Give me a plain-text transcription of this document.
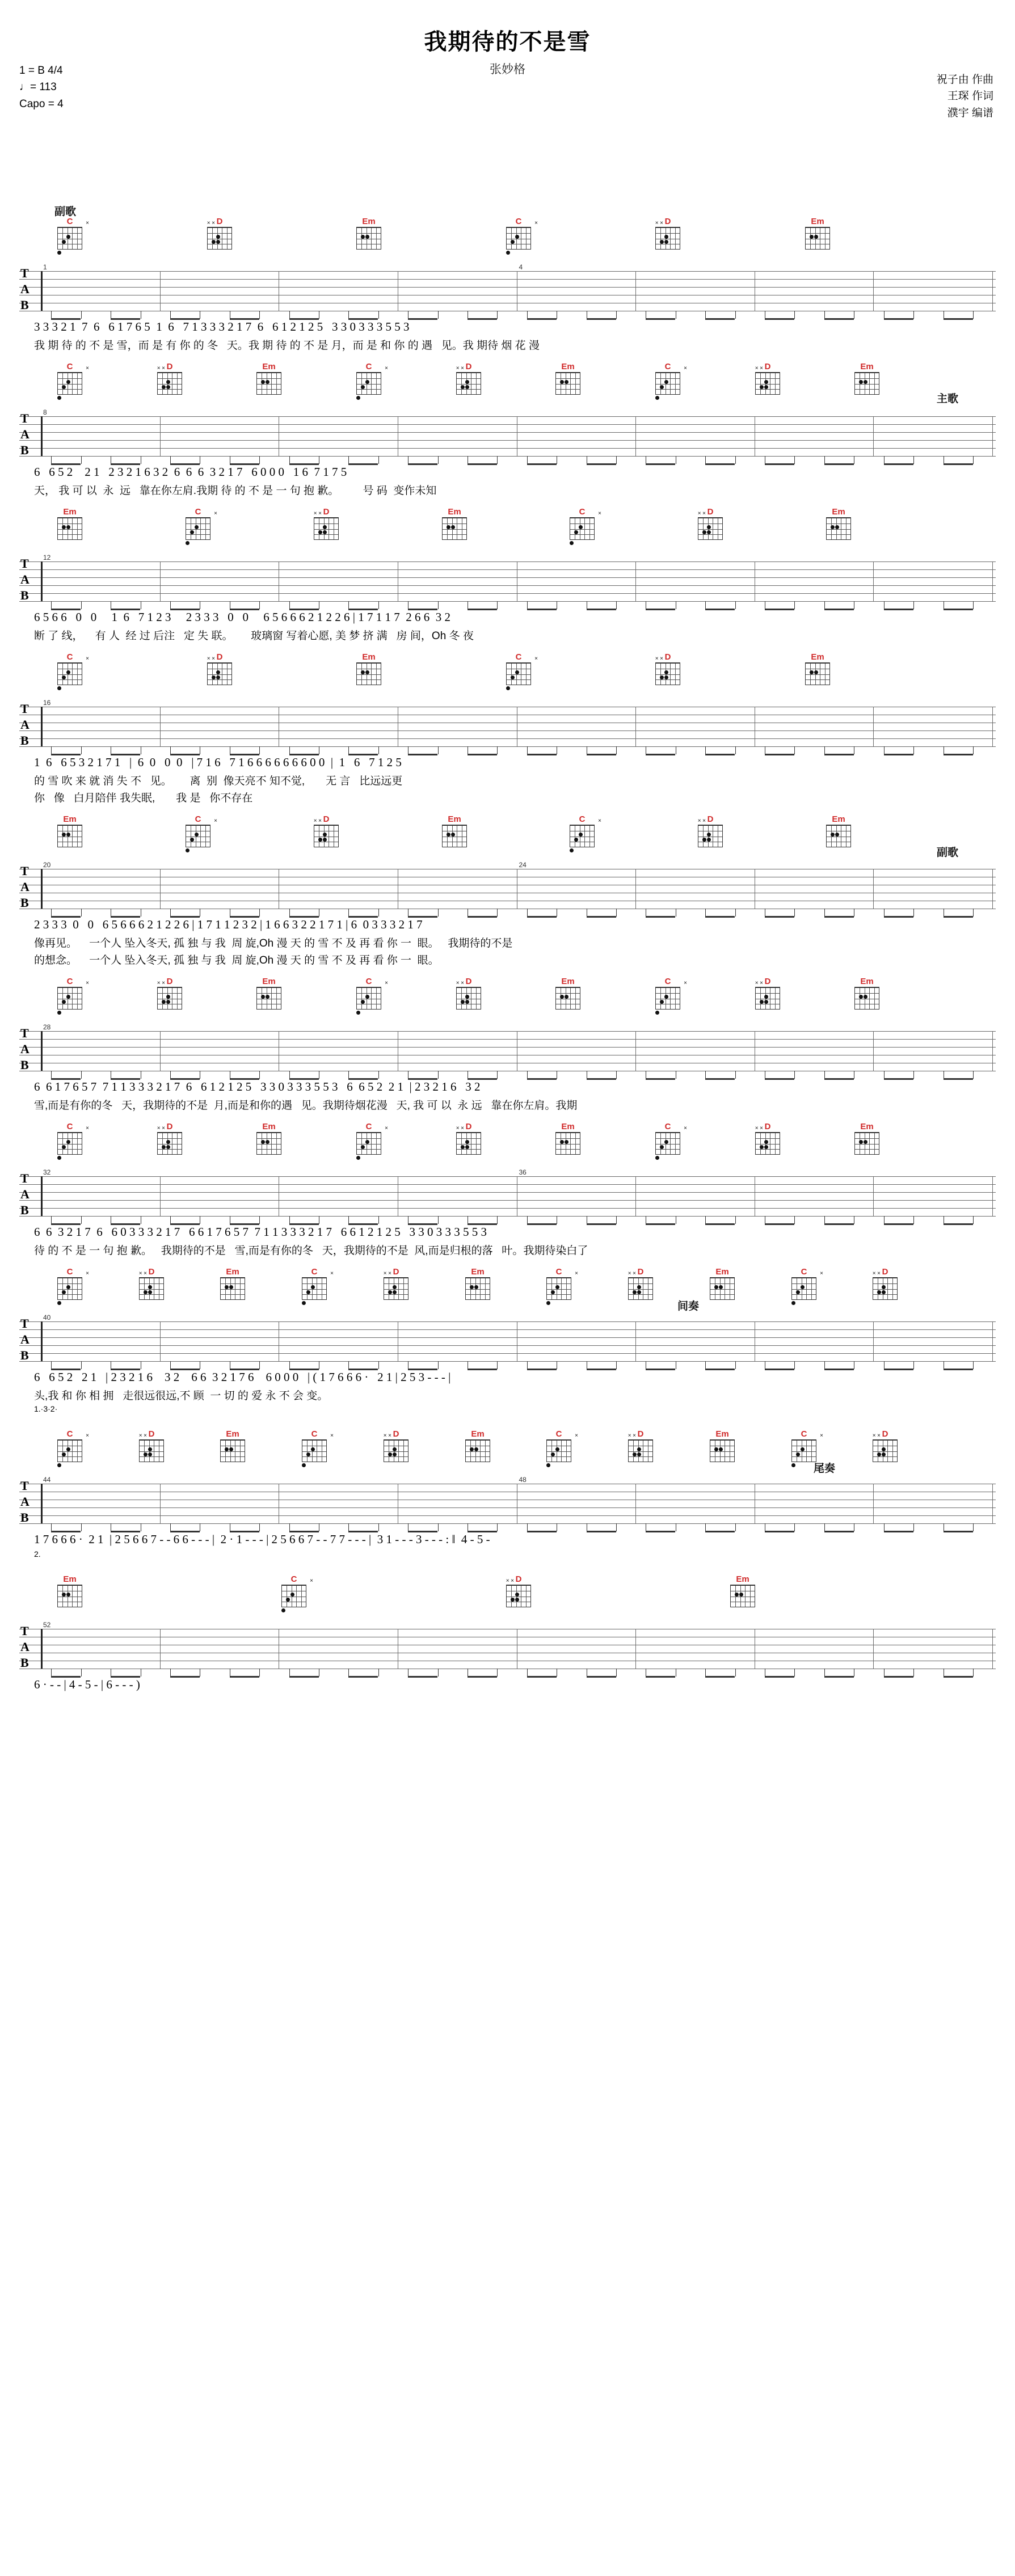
我期待的不是雪
张妙格
1 = B 4/4
♩= 113
Capo = 4
祝子由 作曲
王琛 作词
濮宇 编谱
C	×	D
× ×	Em	C	×	D
× ×	Em
副歌
T
A
B
1	4
3 3 3 2 1  7  6   6 1 7 6 5  1  6   7 1 3 3 3 2 1 7  6   6 1 2 1 2 5   3 3 0 3 3 3 5 5 3
我 期 待 的 不 是 雪，而 是 有 你 的 冬   天。我 期 待 的 不 是 月，而 是 和 你 的 遇   见。我 期待 烟 花 漫
C	×	D
× ×	Em	C	×	D
× ×	Em	C	×	D
× ×	Em
主歌
T
A
B
8
6   6 5 2    2 1   2 3 2 1 6 3 2  6  6  6  3 2 1 7   6 0 0 0   1 6  7 1 7 5
天， 我 可 以  永  远   靠在你左肩.我期 待 的 不 是 一 句 抱 歉。        号 码  变作未知
Em	C	×	D
× ×	Em	C	×	D
× ×	Em
T
A
B
12
6 5 6 6   0   0     1  6   7 1 2 3     2 3 3 3   0   0     6 5 6 6 6 2 1 2 2 6 | 1 7 1 1 7  2 6 6  3 2
断 了 线，    有 人  经 过 后注   定 失 联。      玻璃窗 写着心愿, 美 梦 挤 满   房 间，Oh 冬 夜
C	×	D
× ×	Em	C	×	D
× ×	Em
T
A
B
16
1  6   6 5 3 2 1 7 1   |  6  0   0  0   | 7 1 6   7 1 6 6 6 6 6 6 6 0 0  |  1   6   7 1 2 5
的 雪 吹 来 就 消 失 不   见。      离  别  像天亮不 知不觉,       无 言   比远远更
你   像   白月陪伴 我失眠,       我 是   你不存在
Em	C	×	D
× ×	Em	C	×	D
× ×	Em
副歌
T
A
B
20	24
2 3 3 3  0   0   6 5 6 6 6 2 1 2 2 6 | 1 7 1 1 2 3 2 | 1 6 6 3 2 2 1 7 1 | 6  0 3 3 3 2 1 7
像再见。    一个人 坠入冬天, 孤 独 与 我  周 旋,Oh 漫 天 的 雪 不 及 再 看 你 一  眼。   我期待的不是
的想念。    一个人 坠入冬天, 孤 独 与 我  周 旋,Oh 漫 天 的 雪 不 及 再 看 你 一  眼。
C	×	D
× ×	Em	C	×	D
× ×	Em	C	×	D
× ×	Em
T
A
B
28
6  6 1 7 6 5 7  7 1 1 3 3 3 2 1 7  6   6 1 2 1 2 5   3 3 0 3 3 3 5 5 3   6  6 5 2  2 1  | 2 3 2 1 6   3 2
雪,而是有你的冬   天，我期待的不是  月,而是和你的遇   见。我期待烟花漫   天, 我 可 以  永 远   靠在你左肩。我期
C	×	D
× ×	Em	C	×	D
× ×	Em	C	×	D
× ×	Em
T
A
B
32	36
6  6  3 2 1 7  6   6 0 3 3 3 2 1 7   6 6 1 7 6 5 7  7 1 1 3 3 3 2 1 7   6 6 1 2 1 2 5   3 3 0 3 3 3 5 5 3
待 的 不 是 一 句 抱 歉。   我期待的不是   雪,而是有你的冬   天，我期待的不是  风,而是归根的落   叶。我期待染白了
C	×	D
× ×	Em	C	×	D
× ×	Em	C	×	D
× ×	Em	C	×	D
× ×
间奏
T
A
B
40
6   6 5 2   2 1   | 2 3 2 1 6    3 2    6 6  3 2 1 7 6    6 0 0 0   | ( 1 7 6 6 6 ·   2 1 | 2 5 3 - - - |
头,我 和 你 相 拥   走很远很远,不 顾  一 切 的 爱 永 不 会 变。
1.·3·2·
C	×	D
× ×	Em	C	×	D
× ×	Em	C	×	D
× ×	Em	C	×	D
× ×
尾奏
T
A
B
44	48
1 7 6 6 6 ·  2 1  | 2 5 6 6 7 - - 6 6 - - - |  2 · 1 - - - | 2 5 6 6 7 - - 7 7 - - - |  3 1 - - - 3 - - - : ‖  4 - 5 -
2.
Em	C	×	D
× ×	Em
T
A
B
52
6 · - - | 4 - 5 - | 6 - - - )
